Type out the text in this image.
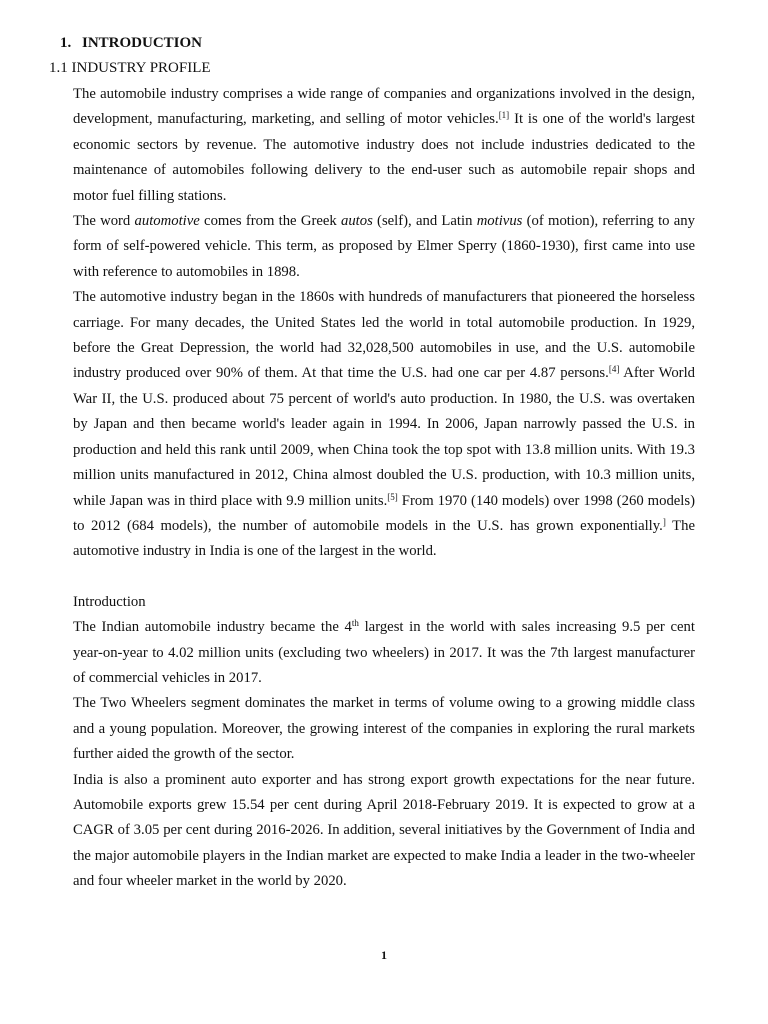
1. INTRODUCTION
1.1 INDUSTRY PROFILE

The automobile industry comprises a wide range of companies and organizations involved in the design, development, manufacturing, marketing, and selling of motor vehicles.[1] It is one of the world's largest economic sectors by revenue. The automotive industry does not include industries dedicated to the maintenance of automobiles following delivery to the end-user such as automobile repair shops and motor fuel filling stations.

The word automotive comes from the Greek autos (self), and Latin motivus (of motion), referring to any form of self-powered vehicle. This term, as proposed by Elmer Sperry (1860-1930), first came into use with reference to automobiles in 1898.

The automotive industry began in the 1860s with hundreds of manufacturers that pioneered the horseless carriage. For many decades, the United States led the world in total automobile production. In 1929, before the Great Depression, the world had 32,028,500 automobiles in use, and the U.S. automobile industry produced over 90% of them. At that time the U.S. had one car per 4.87 persons.[4] After World War II, the U.S. produced about 75 percent of world's auto production. In 1980, the U.S. was overtaken by Japan and then became world's leader again in 1994. In 2006, Japan narrowly passed the U.S. in production and held this rank until 2009, when China took the top spot with 13.8 million units. With 19.3 million units manufactured in 2012, China almost doubled the U.S. production, with 10.3 million units, while Japan was in third place with 9.9 million units.[5] From 1970 (140 models) over 1998 (260 models) to 2012 (684 models), the number of automobile models in the U.S. has grown exponentially.] The automotive industry in India is one of the largest in the world.

Introduction

The Indian automobile industry became the 4th largest in the world with sales increasing 9.5 per cent year-on-year to 4.02 million units (excluding two wheelers) in 2017. It was the 7th largest manufacturer of commercial vehicles in 2017.

The Two Wheelers segment dominates the market in terms of volume owing to a growing middle class and a young population. Moreover, the growing interest of the companies in exploring the rural markets further aided the growth of the sector.

India is also a prominent auto exporter and has strong export growth expectations for the near future. Automobile exports grew 15.54 per cent during April 2018-February 2019. It is expected to grow at a CAGR of 3.05 per cent during 2016-2026. In addition, several initiatives by the Government of India and the major automobile players in the Indian market are expected to make India a leader in the two-wheeler and four wheeler market in the world by 2020.

1
